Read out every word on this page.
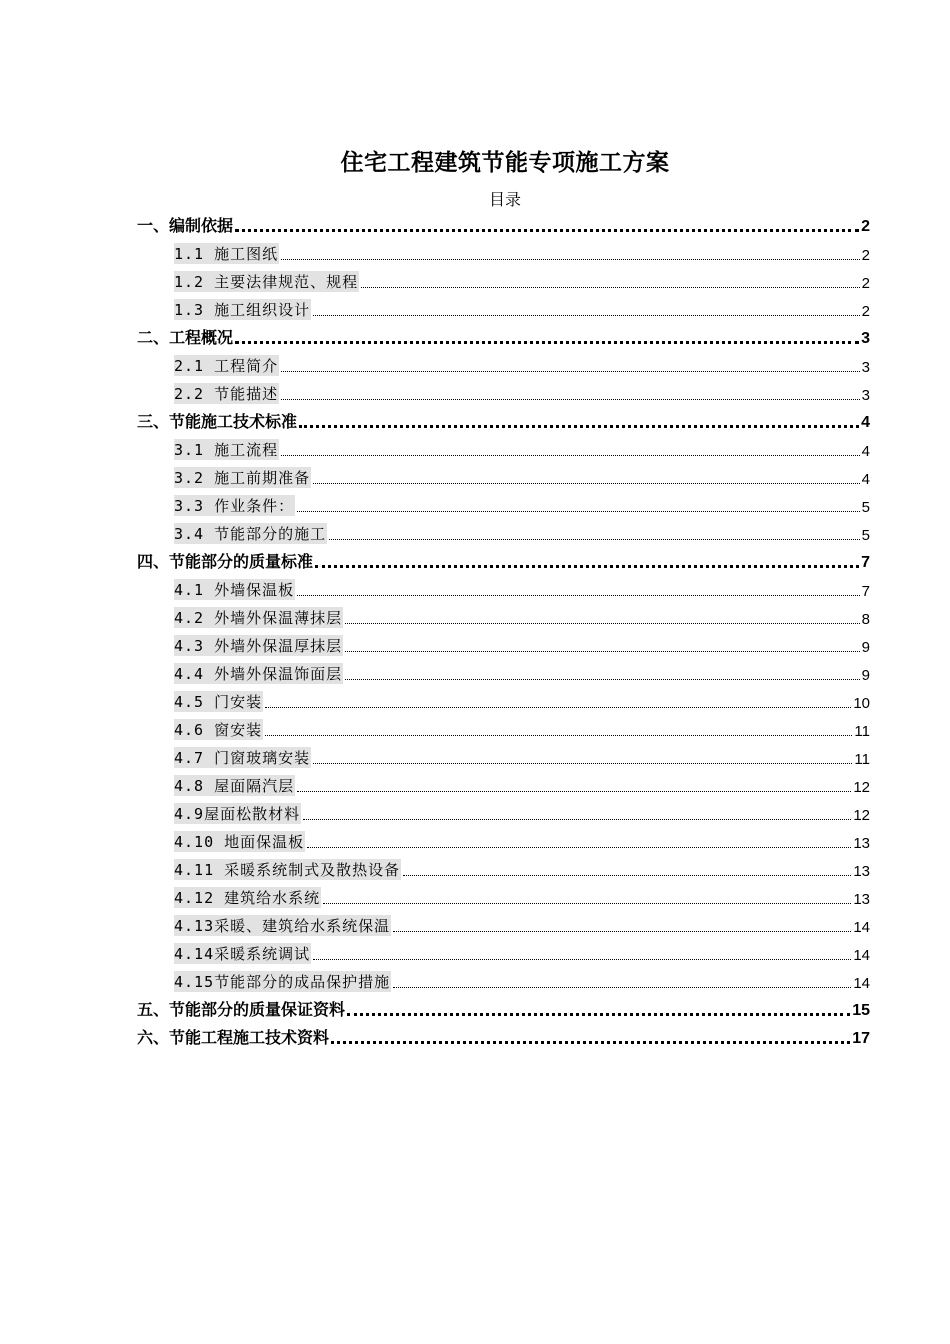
住宅工程建筑节能专项施工方案
目录
一、编制依据	2
1.1 施工图纸	2
1.2 主要法律规范、规程	2
1.3 施工组织设计	2
二、工程概况	3
2.1 工程简介	3
2.2 节能描述	3
三、节能施工技术标准	4
3.1 施工流程	4
3.2 施工前期准备	4
3.3 作业条件：	5
3.4 节能部分的施工	5
四、节能部分的质量标准	7
4.1 外墙保温板	7
4.2 外墙外保温薄抹层	8
4.3 外墙外保温厚抹层	9
4.4 外墙外保温饰面层	9
4.5 门安装	10
4.6 窗安装	11
4.7 门窗玻璃安装	11
4.8 屋面隔汽层	12
4.9屋面松散材料	12
4.10 地面保温板	13
4.11 采暖系统制式及散热设备	13
4.12 建筑给水系统	13
4.13采暖、建筑给水系统保温	14
4.14采暖系统调试	14
4.15节能部分的成品保护措施	14
五、节能部分的质量保证资料	15
六、节能工程施工技术资料	17
